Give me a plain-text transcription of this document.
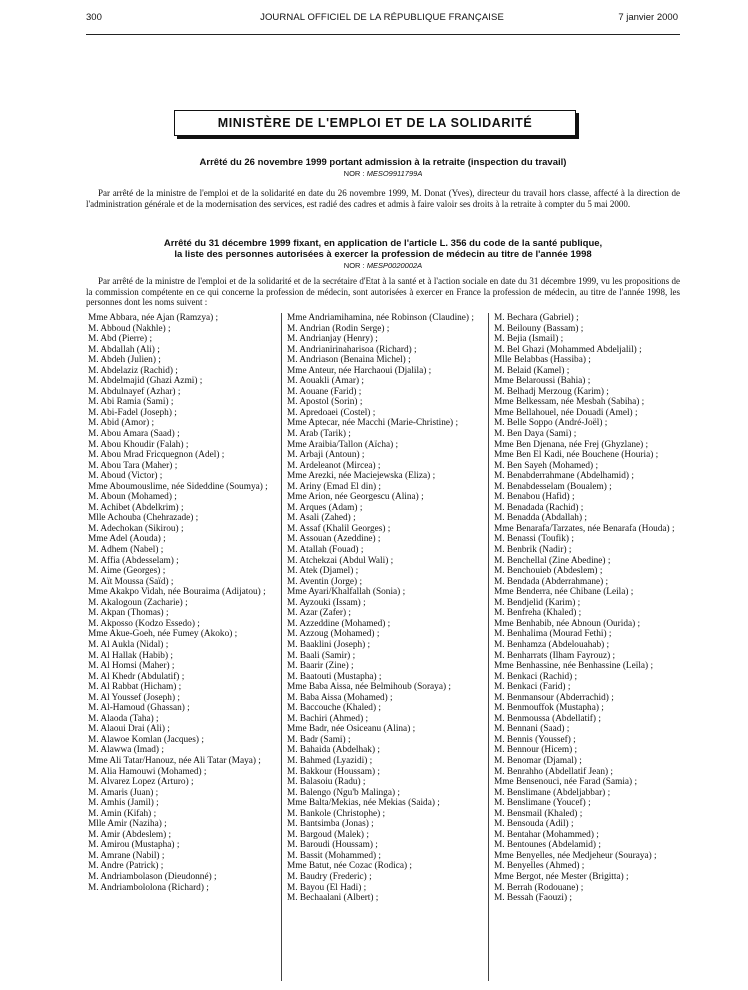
300	JOURNAL OFFICIEL DE LA RÉPUBLIQUE FRANÇAISE	7 janvier 2000
MINISTÈRE DE L'EMPLOI ET DE LA SOLIDARITÉ
Arrêté du 26 novembre 1999 portant admission à la retraite (inspection du travail)
NOR : MESO9911799A

Par arrêté de la ministre de l'emploi et de la solidarité en date du 26 novembre 1999, M. Donat (Yves), directeur du travail hors classe, affecté à la direction de l'administration générale et de la modernisation des services, est radié des cadres et admis à faire valoir ses droits à la retraite à compter du 5 mai 2000.

Arrêté du 31 décembre 1999 fixant, en application de l'article L. 356 du code de la santé publique,
la liste des personnes autorisées à exercer la profession de médecin au titre de l'année 1998
NOR : MESP0020002A

Par arrêté de la ministre de l'emploi et de la solidarité et de la secrétaire d'Etat à la santé et à l'action sociale en date du 31 décembre 1999, vu les propositions de la commission compétente en ce qui concerne la profession de médecin, sont autorisées à exercer en France la profession de médecin, au titre de l'année 1998, les personnes dont les noms suivent :

Mme Abbara, née Ajan (Ramzya) ;
M. Abboud (Nakhle) ;
M. Abd (Pierre) ;
M. Abdallah (Ali) ;
M. Abdeh (Julien) ;
M. Abdelaziz (Rachid) ;
M. Abdelmajid (Ghazi Azmi) ;
M. Abdulnayef (Azhar) ;
M. Abi Ramia (Sami) ;
M. Abi-Fadel (Joseph) ;
M. Abid (Amor) ;
M. Abou Amara (Saad) ;
M. Abou Khoudir (Falah) ;
M. Abou Mrad Fricquegnon (Adel) ;
M. Abou Tara (Maher) ;
M. Aboud (Victor) ;
Mme Aboumouslime, née Sideddine (Soumya) ;
M. Aboun (Mohamed) ;
M. Achibet (Abdelkrim) ;
Mlle Achouba (Chehrazade) ;
M. Adechokan (Sikirou) ;
Mme Adel (Aouda) ;
M. Adhem (Nabel) ;
M. Affia (Abdesselam) ;
M. Aime (Georges) ;
M. Aït Moussa (Saïd) ;
Mme Akakpo Vidah, née Bouraima (Adijatou) ;
M. Akalogoun (Zacharie) ;
M. Akpan (Thomas) ;
M. Akposso (Kodzo Essedo) ;
Mme Akue-Goeh, née Fumey (Akoko) ;
M. Al Aukla (Nidal) ;
M. Al Hallak (Habib) ;
M. Al Homsi (Maher) ;
M. Al Khedr (Abdulatif) ;
M. Al Rabbat (Hicham) ;
M. Al Youssef (Joseph) ;
M. Al-Hamoud (Ghassan) ;
M. Alaoda (Taha) ;
M. Alaoui Drai (Ali) ;
M. Alawoe Komlan (Jacques) ;
M. Alawwa (Imad) ;
Mme Ali Tatar/Hanouz, née Ali Tatar (Maya) ;
M. Alia Hamouwi (Mohamed) ;
M. Alvarez Lopez (Arturo) ;
M. Amaris (Juan) ;
M. Amhis (Jamil) ;
M. Amin (Kifah) ;
Mlle Amir (Naziha) ;
M. Amir (Abdeslem) ;
M. Amirou (Mustapha) ;
M. Amrane (Nabil) ;
M. Andre (Patrick) ;
M. Andriambolason (Dieudonné) ;
M. Andriambololona (Richard) ;
Mme Andriamihamina, née Robinson (Claudine) ;
M. Andrian (Rodin Serge) ;
M. Andrianjay (Henry) ;
M. Andrianirinaharisoa (Richard) ;
M. Andriason (Benaina Michel) ;
Mme Anteur, née Harchaoui (Djalila) ;
M. Aouakli (Amar) ;
M. Aouane (Farid) ;
M. Apostol (Sorin) ;
M. Apredoaei (Costel) ;
Mme Aptecar, née Macchi (Marie-Christine) ;
M. Arab (Tarik) ;
Mme Araibia/Tallon (Aïcha) ;
M. Arbaji (Antoun) ;
M. Ardeleanot (Mircea) ;
Mme Arezki, née Maciejewska (Eliza) ;
M. Ariny (Emad El din) ;
Mme Arion, née Georgescu (Alina) ;
M. Arques (Adam) ;
M. Asali (Zahed) ;
M. Assaf (Khalil Georges) ;
M. Assouan (Azeddine) ;
M. Atallah (Fouad) ;
M. Atchekzai (Abdul Wali) ;
M. Atek (Djamel) ;
M. Aventin (Jorge) ;
Mme Ayari/Khalfallah (Sonia) ;
M. Ayzouki (Issam) ;
M. Azar (Zafer) ;
M. Azzeddine (Mohamed) ;
M. Azzoug (Mohamed) ;
M. Baaklini (Joseph) ;
M. Baali (Samir) ;
M. Baarir (Zine) ;
M. Baatouti (Mustapha) ;
Mme Baba Aissa, née Belmihoub (Soraya) ;
M. Baba Aissa (Mohamed) ;
M. Baccouche (Khaled) ;
M. Bachiri (Ahmed) ;
Mme Badr, née Osiceanu (Alina) ;
M. Badr (Sami) ;
M. Bahaida (Abdelhak) ;
M. Bahmed (Lyazidi) ;
M. Bakkour (Houssam) ;
M. Balasoiu (Radu) ;
M. Balengo (Ngu'b Malinga) ;
Mme Balta/Mekias, née Mekias (Saida) ;
M. Bankole (Christophe) ;
M. Bantsimba (Jonas) ;
M. Bargoud (Malek) ;
M. Baroudi (Houssam) ;
M. Bassit (Mohammed) ;
Mme Batut, née Cozac (Rodica) ;
M. Baudry (Frederic) ;
M. Bayou (El Hadi) ;
M. Bechaalani (Albert) ;
M. Bechara (Gabriel) ;
M. Beilouny (Bassam) ;
M. Bejia (Ismail) ;
M. Bel Ghazi (Mohammed Abdeljalil) ;
Mlle Belabbas (Hassiba) ;
M. Belaid (Kamel) ;
Mme Belaroussi (Bahia) ;
M. Belhadj Merzoug (Karim) ;
Mme Belkessam, née Mesbah (Sabiha) ;
Mme Bellahouel, née Douadi (Amel) ;
M. Belle Soppo (André-Joël) ;
M. Ben Daya (Sami) ;
Mme Ben Djenana, née Frej (Ghyzlane) ;
Mme Ben El Kadi, née Bouchene (Houria) ;
M. Ben Sayeh (Mohamed) ;
M. Benabderrahmane (Abdelhamid) ;
M. Benabdesselam (Boualem) ;
M. Benabou (Hafid) ;
M. Benadada (Rachid) ;
M. Benadda (Abdallah) ;
Mme Benarafa/Tarzates, née Benarafa (Houda) ;
M. Benassi (Toufik) ;
M. Benbrik (Nadir) ;
M. Benchellal (Zine Abedine) ;
M. Benchouieb (Abdeslem) ;
M. Bendada (Abderrahmane) ;
Mme Benderra, née Chibane (Leila) ;
M. Bendjelid (Karim) ;
M. Benfreha (Khaled) ;
Mme Benhabib, née Abnoun (Ourida) ;
M. Benhalima (Mourad Fethi) ;
M. Benhamza (Abdelouahab) ;
M. Benharrats (Ilham Fayrouz) ;
Mme Benhassine, née Benhassine (Leïla) ;
M. Benkaci (Rachid) ;
M. Benkaci (Farid) ;
M. Benmansour (Abderrachid) ;
M. Benmouffok (Mustapha) ;
M. Benmoussa (Abdellatif) ;
M. Bennani (Saad) ;
M. Bennis (Youssef) ;
M. Bennour (Hicem) ;
M. Benomar (Djamal) ;
M. Benrahho (Abdellatif Jean) ;
Mme Bensenouci, née Farad (Samia) ;
M. Benslimane (Abdeljabbar) ;
M. Benslimane (Youcef) ;
M. Bensmail (Khaled) ;
M. Bensouda (Adil) ;
M. Bentahar (Mohammed) ;
M. Bentounes (Abdelamid) ;
Mme Benyelles, née Medjeheur (Souraya) ;
M. Benyelles (Ahmed) ;
Mme Bergot, née Mester (Brigitta) ;
M. Berrah (Rodouane) ;
M. Bessah (Faouzi) ;
